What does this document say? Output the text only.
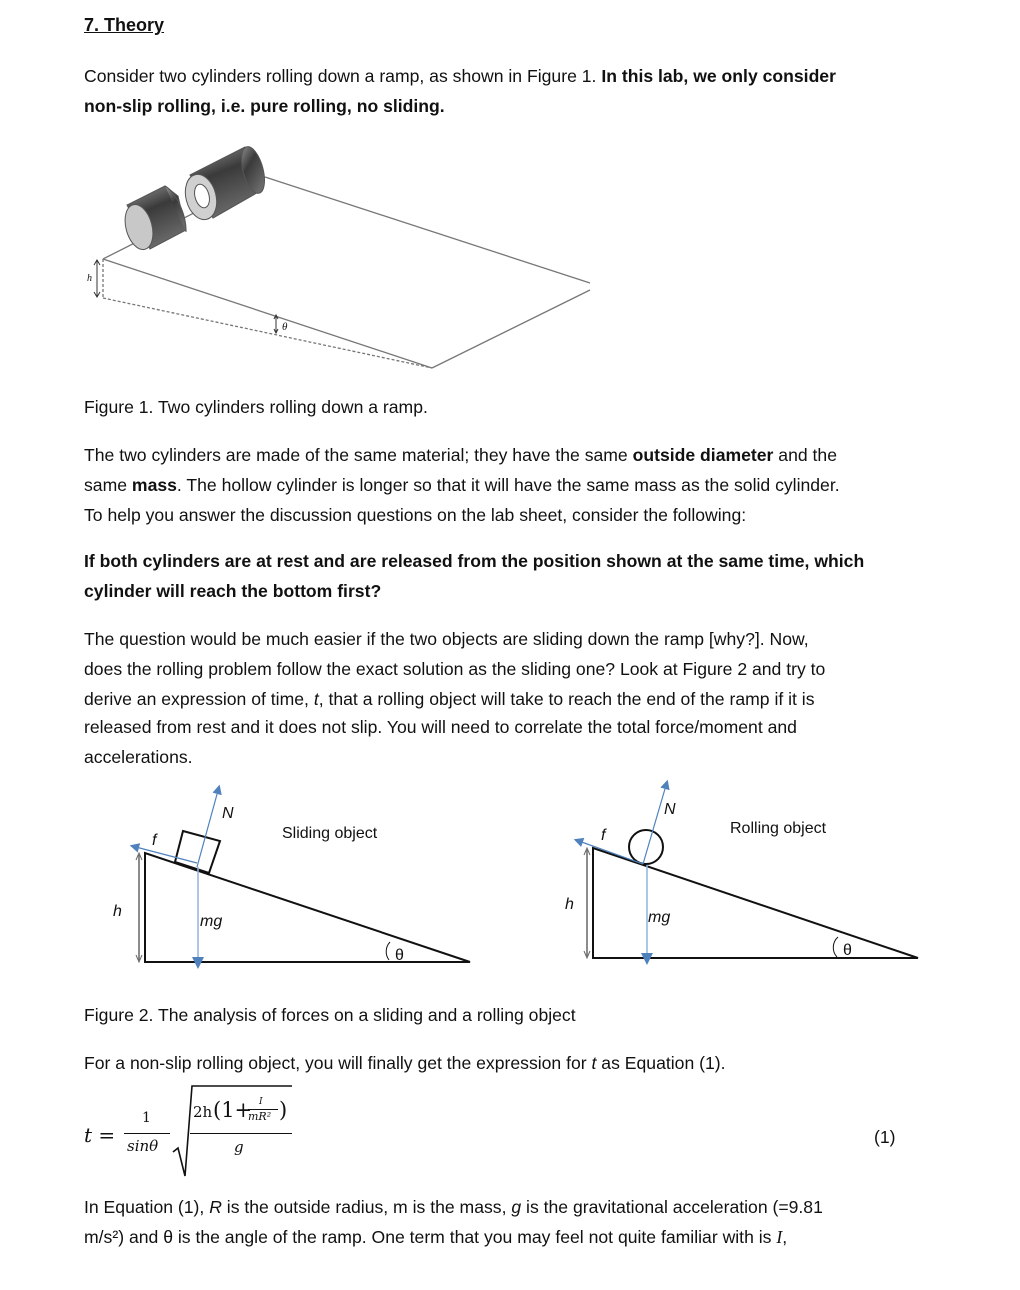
7. Theory
Consider two cylinders rolling down a ramp, as shown in Figure 1. In this lab, we only consider
non-slip rolling, i.e. pure rolling, no sliding.
h
θ
Figure 1. Two cylinders rolling down a ramp.
The two cylinders are made of the same material; they have the same outside diameter and the
same mass. The hollow cylinder is longer so that it will have the same mass as the solid cylinder.
To help you answer the discussion questions on the lab sheet, consider the following:
If both cylinders are at rest and are released from the position shown at the same time, which
cylinder will reach the bottom first?
The question would be much easier if the two objects are sliding down the ramp [why?]. Now,
does the rolling problem follow the exact solution as the sliding one? Look at Figure 2 and try to
derive an expression of time, t, that a rolling object will take to reach the end of the ramp if it is
released from rest and it does not slip. You will need to correlate the total force/moment and
accelerations.
N
f
h
mg
θ
Sliding object
N
f
h
mg
θ
Rolling object
Figure 2. The analysis of forces on a sliding and a rolling object
For a non-slip rolling object, you will finally get the expression for t as Equation (1).
t =
1
sinθ
2h (1+ I
mR² )
g	(1)
In Equation (1), R is the outside radius, m is the mass, g is the gravitational acceleration (=9.81
m/s²) and θ is the angle of the ramp. One term that you may feel not quite familiar with is I,
